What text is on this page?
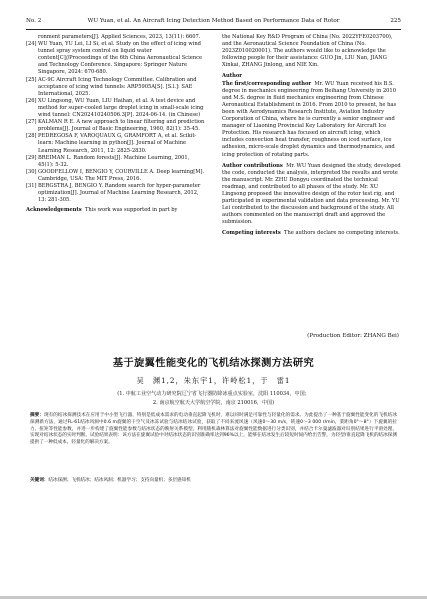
No. 2	WU Yuan, et al. An Aircraft Icing Detection Method Based on Performance Data of Rotor	225
ronment parameters[J]. Applied Sciences, 2023, 13(11): 6607.
[24] WU Yuan, YU Lei, LI Si, et al. Study on the effect of icing wind tunnel spray system control on liquid water content[C]//Proceedings of the 6th China Aeronautical Science and Technology Conference. Singapore: Springer Nature Singapore, 2024: 670-680.
[25] AC-9C Aircraft Icing Technology Committee. Calibration and acceptance of icing wind tunnels: ARP5905A[S]. [S.l.]: SAE International, 2025.
[26] XU Lingsong, WU Yuan, LIU Haihan, et al. A test device and method for super-cooled large droplet icing in small-scale icing wind tunnel: CN202410240506.3[P]. 2024-06-14. (in Chinese)
[27] KALMAN R E. A new approach to linear filtering and prediction problems[J]. Journal of Basic Engineering, 1960, 82(1): 35-45.
[28] PEDREGOSA F, VAROQUAUX G, GRAMFORT A, et al. Scikit-learn: Machine learning in python[J]. Journal of Machine Learning Research, 2011, 12: 2825-2830.
[29] BREIMAN L. Random forests[J]. Machine Learning, 2001, 45(1): 5-32.
[30] GOODFELLOW I, BENGIO Y, COURVILLE A. Deep learning[M]. Cambridge, USA: The MIT Press, 2016.
[31] BERGSTRA J, BENGIO Y. Random search for hyper-parameter optimization[J]. Journal of Machine Learning Research, 2012, 13: 281-305.

Acknowledgements This work was supported in part by

the National Key R&D Program of China (No. 2022YFE0203700), and the Aeronautical Science Foundation of China (No. 2023Z010020001). The authors would like to acknowledge the following people for their assistance: GUO Jin, LIU Nan, JIANG Xinkai, ZHANG Jinlong, and NIE Xin.

Author

The first/corresponding author Mr. WU Yuan received his B.S. degree in mechanics engineering from Beihang University in 2010 and M.S. degree in fluid mechanics engineering from Chinese Aeronautical Establishment in 2016. From 2010 to present, he has been with Aerodynamics Research Institute, Aviation Industry Corporation of China, where he is currently a senior engineer and manager of Liaoning Provincial Key Laboratory for Aircraft Ice Protection. His research has focused on aircraft icing, which includes convection heat transfer, roughness on iced surface, ice adhesion, micro-scale droplet dynamics and thermodynamics, and icing protection of rotating parts.

Author contributions Mr. WU Yuan designed the study, developed the code, conducted the analysis, interpreted the results and wrote the manuscript. Mr. ZHU Dongyu coordinated the technical roadmap, and contributed to all phases of the study. Mr. XU Lingsong proposed the innovative design of the rotor test rig, and participated in experimental validation and data processing. Mr. YU Lei contributed to the discussion and background of the study. All authors commented on the manuscript draft and approved the submission.

Competing interests The authors declare no competing interests.

(Production Editor: ZHANG Bei)
基于旋翼性能变化的飞机结冰探测方法研究
吴　渊1,2，朱东宇1，许岭松1，于　雷1
(1. 中航工业空气动力研究院辽宁省飞行器防除冰重点实验室，沈阳 110034，中国；
2. 南京航空航天大学航空学院，南京 210016，中国)
摘要：现有的结冰探测技术在应用于中小型飞行器，特别是低成本需求的电动垂直起降飞机时，难以同时满足可靠性与轻量化的需求。为此提出了一种基于旋翼性能变化的飞机结冰探测新方法，通过FL-61结冰风洞中0.6 m旋翼的干空气及冰冻试验与结冰结冰试验，获取了不同来流风速（风速0～30 m/s，转速0～3 000 r/min，桨距角0°～8°）下旋翼的拉力、扭矩等性能参数，并进一步构建了旋翼性能参数与结冰状态的映射关系模型。利用随机森林算法对旋翼性能数据进行分类识别，并结合卡尔曼滤波器对识别结果进行平滑处理，实现对结冰状态的实时判断。试验结果表明：该方法在旋翼试验中对结冰状态的识别准确率达到96%以上，能够在结冰发生后较短时间内给出告警，为轻型/垂直起降飞机的结冰探测提供了一种低成本、轻量化的解决方案。
关键词：结冰探测；飞机结冰；结冰风洞；机器学习；支持向量机；多层感知机
